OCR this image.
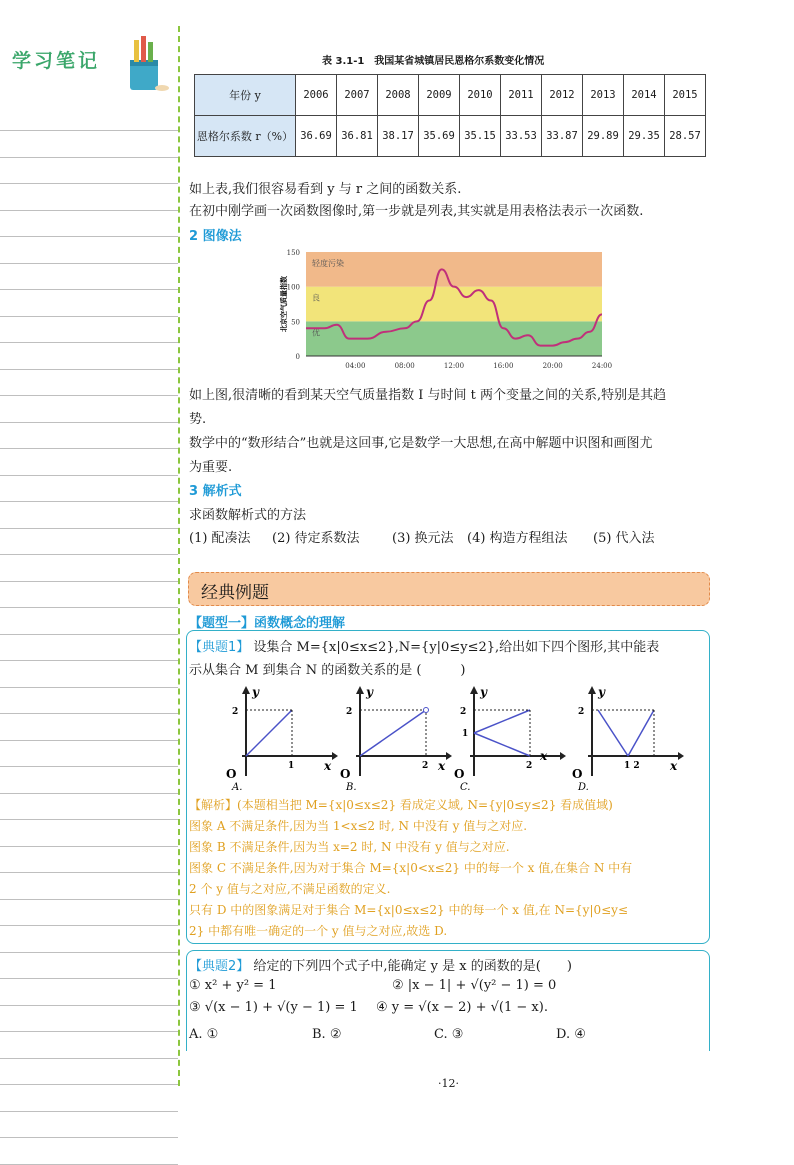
学习笔记	表 3.1-1　我国某省城镇居民恩格尔系数变化情况
年份 y	2006	2007	2008	2009	2010	2011	2012	2013	2014	2015
恩格尔系数 r（%）	36.69	36.81	38.17	35.69	35.15	33.53	33.87	29.89	29.35	28.57
如上表,我们很容易看到 y 与 r 之间的函数关系.
在初中刚学画一次函数图像时,第一步就是列表,其实就是用表格法表示一次函数.
2 图像法
优
良
轻度污染
0
50
100
150
04:00	08:00	12:00	16:00	20:00	24:00
北京空气质量指数
如上图,很清晰的看到某天空气质量指数 I 与时间 t 两个变量之间的关系,特别是其趋
势.
数学中的“数形结合”也就是这回事,它是数学一大思想,在高中解题中识图和画图尤
为重要.
3 解析式
求函数解析式的方法
(1) 配凑法 (2) 待定系数法 (3) 换元法 (4) 构造方程组法 (5) 代入法
经典例题
【题型一】函数概念的理解
【典题1】 设集合 M={x|0≤x≤2},N={y|0≤y≤2},给出如下四个图形,其中能表
示从集合 M 到集合 N 的函数关系的是 (　　　)
O
y
x
2
1
A.
O
y
x
2
2
B.
O
y
x
2
1
2
C.
O
y
x
2
1 2
D.
【解析】(本题相当把 M={x|0≤x≤2} 看成定义域, N={y|0≤y≤2} 看成值域)
图象 A 不满足条件,因为当 1<x≤2 时, N 中没有 y 值与之对应.
图象 B 不满足条件,因为当 x=2 时, N 中没有 y 值与之对应.
图象 C 不满足条件,因为对于集合 M={x|0<x≤2} 中的每一个 x 值,在集合 N 中有
2 个 y 值与之对应,不满足函数的定义.
只有 D 中的图象满足对于集合 M={x|0≤x≤2} 中的每一个 x 值,在 N={y|0≤y≤
2} 中都有唯一确定的一个 y 值与之对应,故选 D.
【典题2】 给定的下列四个式子中,能确定 y 是 x 的函数的是(　　)
① x² + y² = 1	② |x − 1| + √(y² − 1) = 0
③ √(x − 1) + √(y − 1) = 1 ④ y = √(x − 2) + √(1 − x).
A. ①	B. ②	C. ③	D. ④
·12·
